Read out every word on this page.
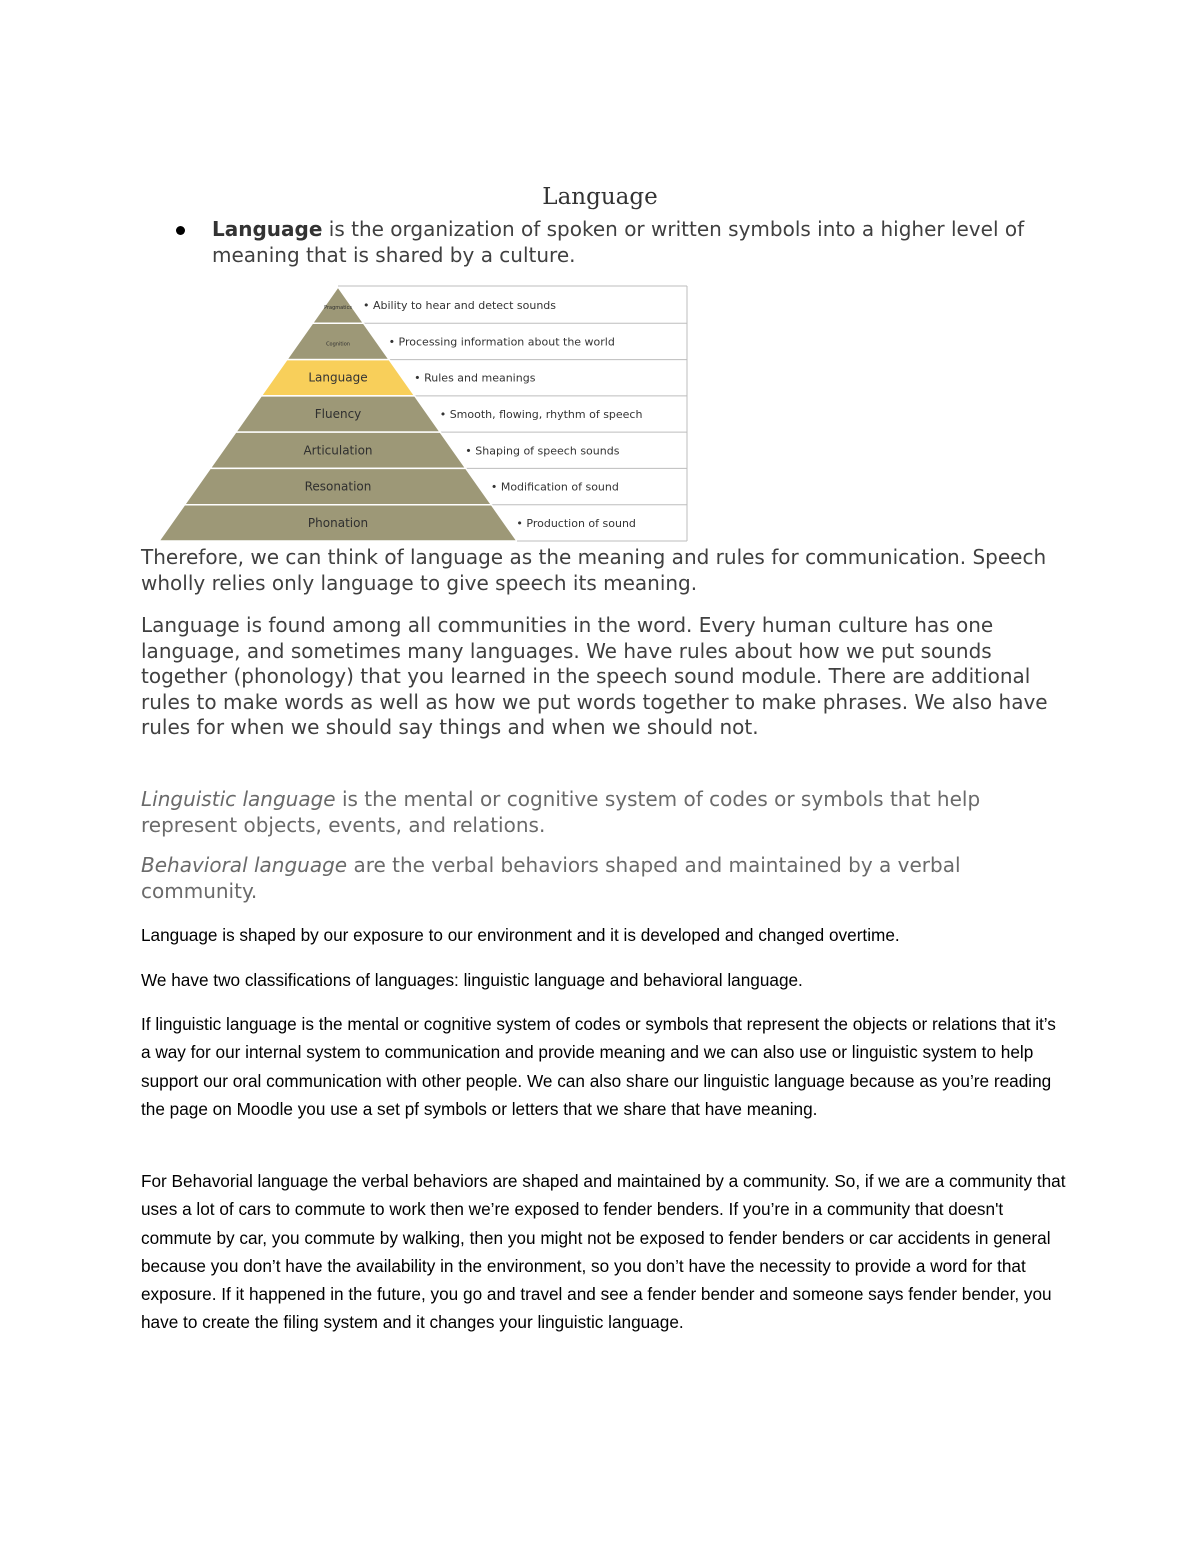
Language
Language is the organization of spoken or written symbols into a higher level of meaning that is shared by a culture.
Pragmatics • Ability to hear and detect sounds
Cognition	• Processing information about the world
Language	• Rules and meanings
Fluency	• Smooth, flowing, rhythm of speech
Articulation	• Shaping of speech sounds
Resonation	• Modification of sound
Phonation	• Production of sound

Therefore, we can think of language as the meaning and rules for communication. Speech wholly relies only language to give speech its meaning.

Language is found among all communities in the word. Every human culture has one language, and sometimes many languages. We have rules about how we put sounds together (phonology) that you learned in the speech sound module. There are additional rules to make words as well as how we put words together to make phrases. We also have rules for when we should say things and when we should not.

Linguistic language is the mental or cognitive system of codes or symbols that help represent objects, events, and relations.

Behavioral language are the verbal behaviors shaped and maintained by a verbal community.

Language is shaped by our exposure to our environment and it is developed and changed overtime.

We have two classifications of languages: linguistic language and behavioral language.

If linguistic language is the mental or cognitive system of codes or symbols that represent the objects or relations that it’s a way for our internal system to communication and provide meaning and we can also use or linguistic system to help support our oral communication with other people. We can also share our linguistic language because as you’re reading the page on Moodle you use a set pf symbols or letters that we share that have meaning.

For Behavorial language the verbal behaviors are shaped and maintained by a community. So, if we are a community that uses a lot of cars to commute to work then we’re exposed to fender benders. If you’re in a community that doesn't commute by car, you commute by walking, then you might not be exposed to fender benders or car accidents in general because you don’t have the availability in the environment, so you don’t have the necessity to provide a word for that exposure. If it happened in the future, you go and travel and see a fender bender and someone says fender bender, you have to create the filing system and it changes your linguistic language.
